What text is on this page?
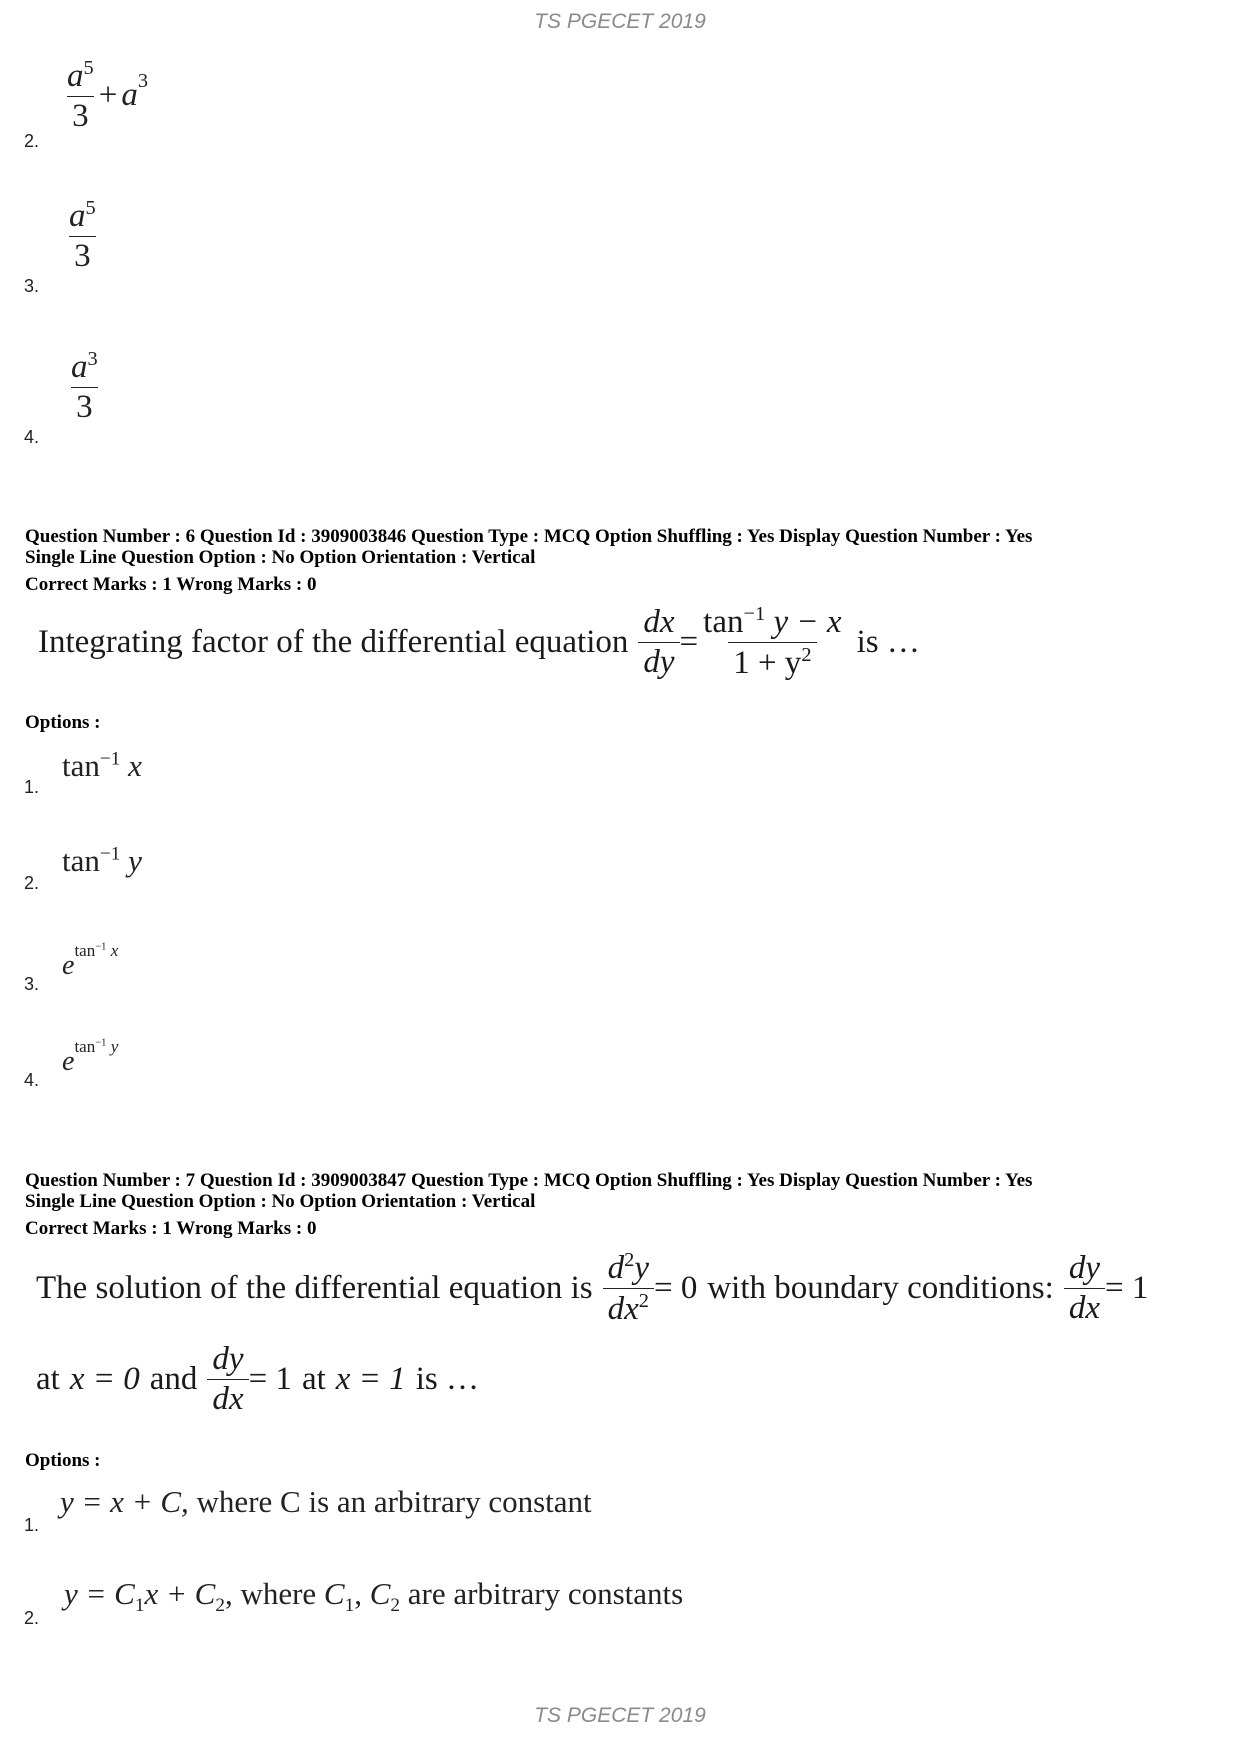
TS PGECET 2019
2.
$\frac{a^5}{3} + a^3$
3.
$\frac{a^5}{3}$
4.
$\frac{a^3}{3}$
Question Number : 6 Question Id : 3909003846 Question Type : MCQ Option Shuffling : Yes Display Question Number : Yes
Single Line Question Option : No Option Orientation : Vertical
Correct Marks : 1 Wrong Marks : 0
Integrating factor of the differential equation $\frac{dx}{dy} = \frac{\tan^{-1} y - x}{1 + y^2}$ is …
Options :
1.
$\tan^{-1} x$
2.
$\tan^{-1} y$
3.
$e^{tan^{-1} x}$
4.
$e^{tan^{-1} y}$
Question Number : 7 Question Id : 3909003847 Question Type : MCQ Option Shuffling : Yes Display Question Number : Yes
Single Line Question Option : No Option Orientation : Vertical
Correct Marks : 1 Wrong Marks : 0
The solution of the differential equation is $\frac{d^2y}{dx^2} = 0$ with boundary conditions: $\frac{dy}{dx} = 1$
at x = 0 and $\frac{dy}{dx} = 1$ at x = 1 is …
Options :
1.
y = x + C, where C is an arbitrary constant
2.
$y = C_1x + C_2$, where $C_1$, $C_2$ are arbitrary constants
TS PGECET 2019
